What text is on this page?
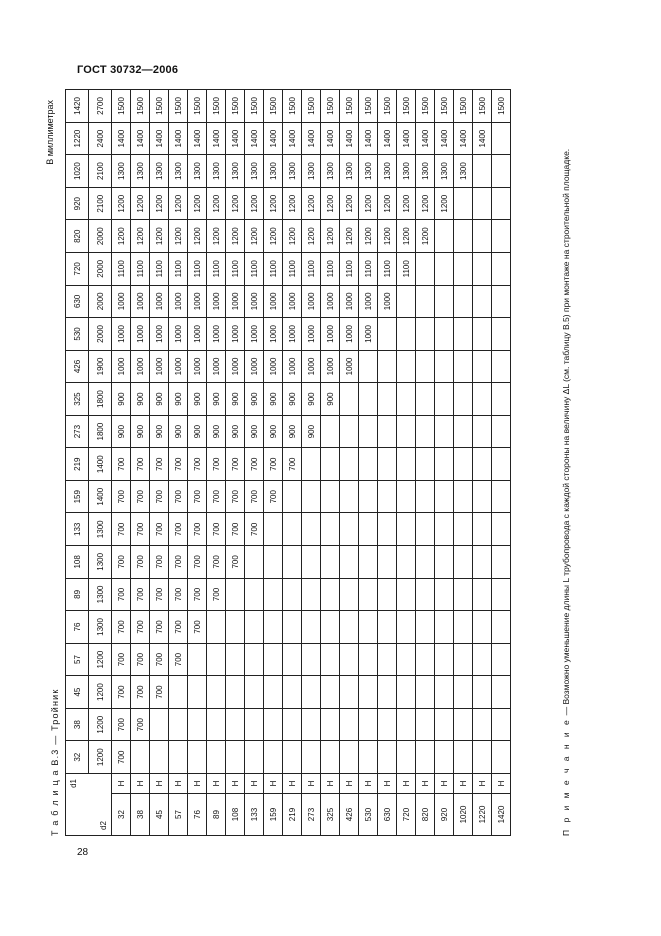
ГОСТ 30732—2006
Т а б л и ц а В.3 — Тройник
В миллиметрах
d1
d2		32	38	45	57	76	89	108	133	159	219	273	325	426	530	630	720	820	920	1020	1220	1420
		1200	1200	1200	1200	1300	1300	1300	1300	1400	1400	1800	1800	1900	2000	2000	2000	2000	2100	2100	2400	2700
32	Н	700	700	700	700	700	700	700	700	700	700	900	900	1000	1000	1000	1100	1200	1200	1300	1400	1500
38	Н		700	700	700	700	700	700	700	700	700	900	900	1000	1000	1000	1100	1200	1200	1300	1400	1500
45	Н			700	700	700	700	700	700	700	700	900	900	1000	1000	1000	1100	1200	1200	1300	1400	1500
57	Н				700	700	700	700	700	700	700	900	900	1000	1000	1000	1100	1200	1200	1300	1400	1500
76	Н					700	700	700	700	700	700	900	900	1000	1000	1000	1100	1200	1200	1300	1400	1500
89	Н						700	700	700	700	700	900	900	1000	1000	1000	1100	1200	1200	1300	1400	1500
108	Н							700	700	700	700	900	900	1000	1000	1000	1100	1200	1200	1300	1400	1500
133	Н								700	700	700	900	900	1000	1000	1000	1100	1200	1200	1300	1400	1500
159	Н									700	700	900	900	1000	1000	1000	1100	1200	1200	1300	1400	1500
219	Н										700	900	900	1000	1000	1000	1100	1200	1200	1300	1400	1500
273	Н											900	900	1000	1000	1000	1100	1200	1200	1300	1400	1500
325	Н												900	1000	1000	1000	1100	1200	1200	1300	1400	1500
426	Н													1000	1000	1000	1100	1200	1200	1300	1400	1500
530	Н														1000	1000	1100	1200	1200	1300	1400	1500
630	Н															1000	1100	1200	1200	1300	1400	1500
720	Н																1100	1200	1200	1300	1400	1500
820	Н																	1200	1200	1300	1400	1500
920	Н																		1200	1300	1400	1500
1020	Н																			1300	1400	1500
1220	Н																				1400	1500
1420	Н																					1500
П р и м е ч а н и е — Возможно уменьшение длины L трубопровода с каждой стороны на величину ΔL (см. таблицу В.5) при монтаже на строительной площадке.
28
